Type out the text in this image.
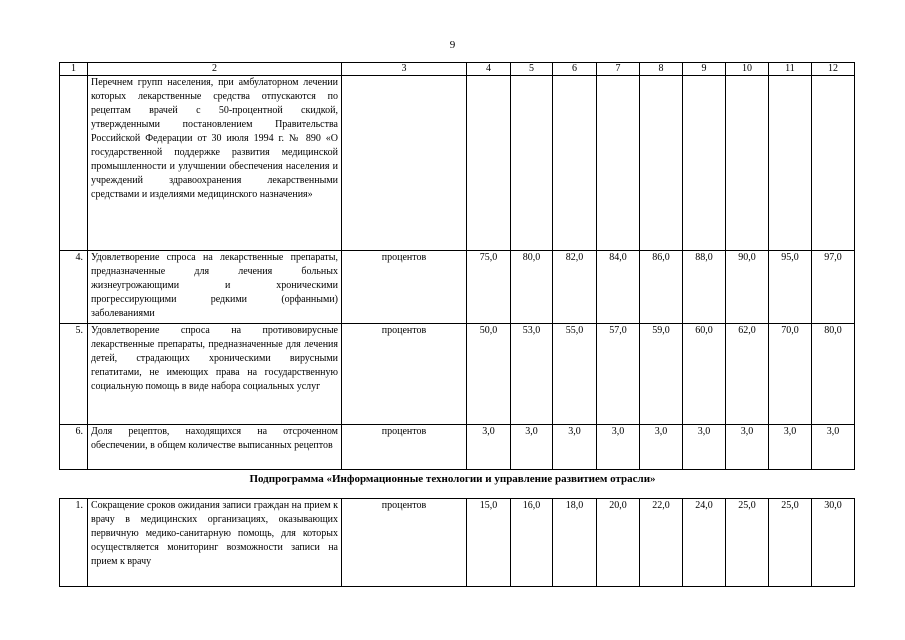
9
1	2	3	4	5	6	7	8	9	10	11	12
	Перечнем групп населения, при амбулаторном лечении которых лекарственные средства отпускаются по рецептам врачей с 50-процентной скидкой, утвержденными постановлением Правительства Российской Федерации от 30 июля 1994 г. № 890 «О государственной поддержке развития медицинской промышленности и улучшении обеспечения населения и учреждений здравоохранения лекарственными средствами и изделиями медицинского назначения»										
4.	Удовлетворение спроса на лекарственные препараты, предназначенные для лечения больных жизнеугрожающими и хроническими прогрессирующими редкими (орфанными) заболеваниями	процентов	75,0	80,0	82,0	84,0	86,0	88,0	90,0	95,0	97,0
5.	Удовлетворение спроса на противовирусные лекарственные препараты, предназначенные для лечения детей, страдающих хроническими вирусными гепатитами, не имеющих права на государственную социальную помощь в виде набора социальных услуг	процентов	50,0	53,0	55,0	57,0	59,0	60,0	62,0	70,0	80,0
6.	Доля рецептов, находящихся на отсроченном обеспечении, в общем количестве выписанных рецептов	процентов	3,0	3,0	3,0	3,0	3,0	3,0	3,0	3,0	3,0
Подпрограмма «Информационные технологии и управление развитием отрасли»
1.	Сокращение сроков ожидания записи граждан на прием к врачу в медицинских организациях, оказывающих первичную медико-санитарную помощь, для которых осуществляется мониторинг возможности записи на прием к врачу	процентов	15,0	16,0	18,0	20,0	22,0	24,0	25,0	25,0	30,0
